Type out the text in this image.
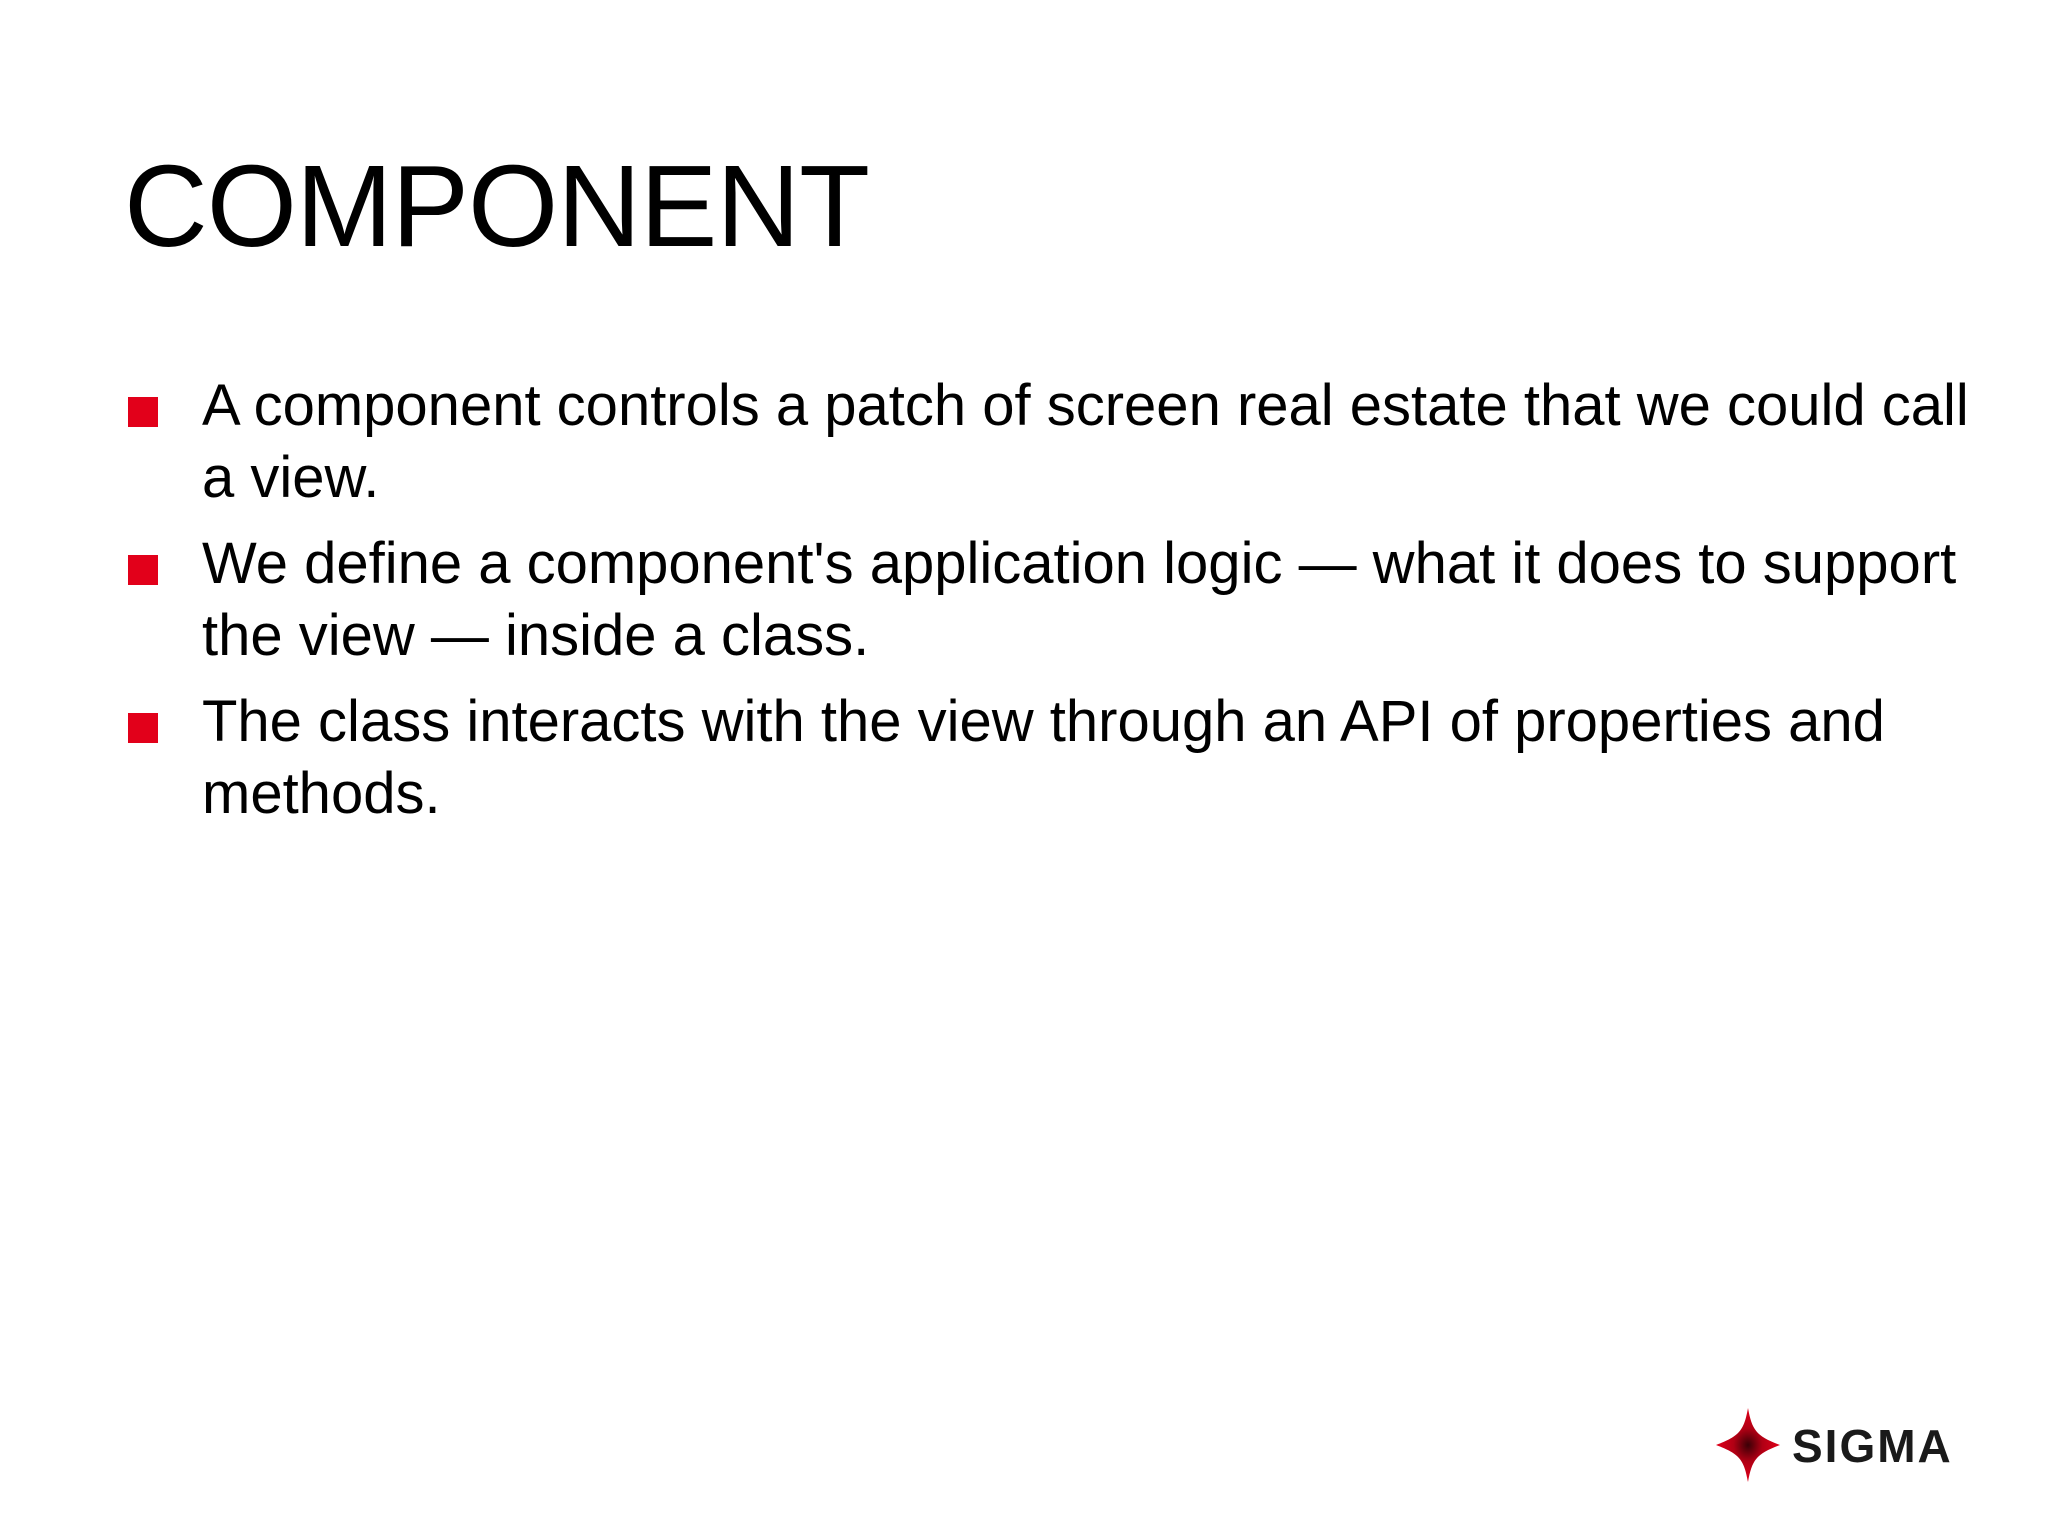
COMPONENT
A component controls a patch of screen real estate that we could call a view.
We define a component's application logic — what it does to support the view — inside a class.
The class interacts with the view through an API of properties and methods.
SIGMA
